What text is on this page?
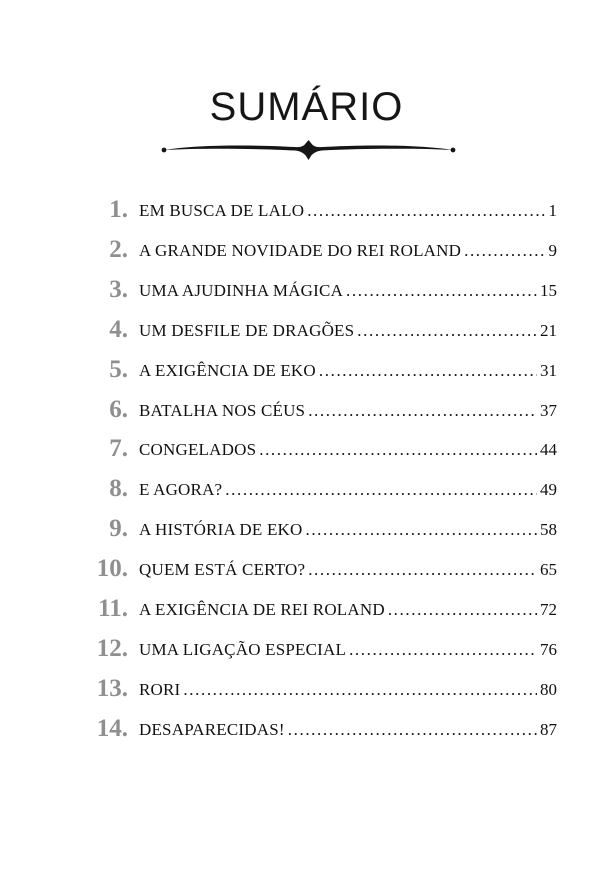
SUMÁRIO
1. EM BUSCA DE LALO .....	1
2. A GRANDE NOVIDADE DO REI ROLAND .....	9
3. UMA AJUDINHA MÁGICA .....	15
4. UM DESFILE DE DRAGÕES .....	21
5. A EXIGÊNCIA DE EKO .....	31
6. BATALHA NOS CÉUS .....	37
7. CONGELADOS .....	44
8. E AGORA? .....	49
9. A HISTÓRIA DE EKO .....	58
10. QUEM ESTÁ CERTO? .....	65
11. A EXIGÊNCIA DE REI ROLAND .....	72
12. UMA LIGAÇÃO ESPECIAL .....	76
13. RORI .....	80
14. DESAPARECIDAS! .....	87
